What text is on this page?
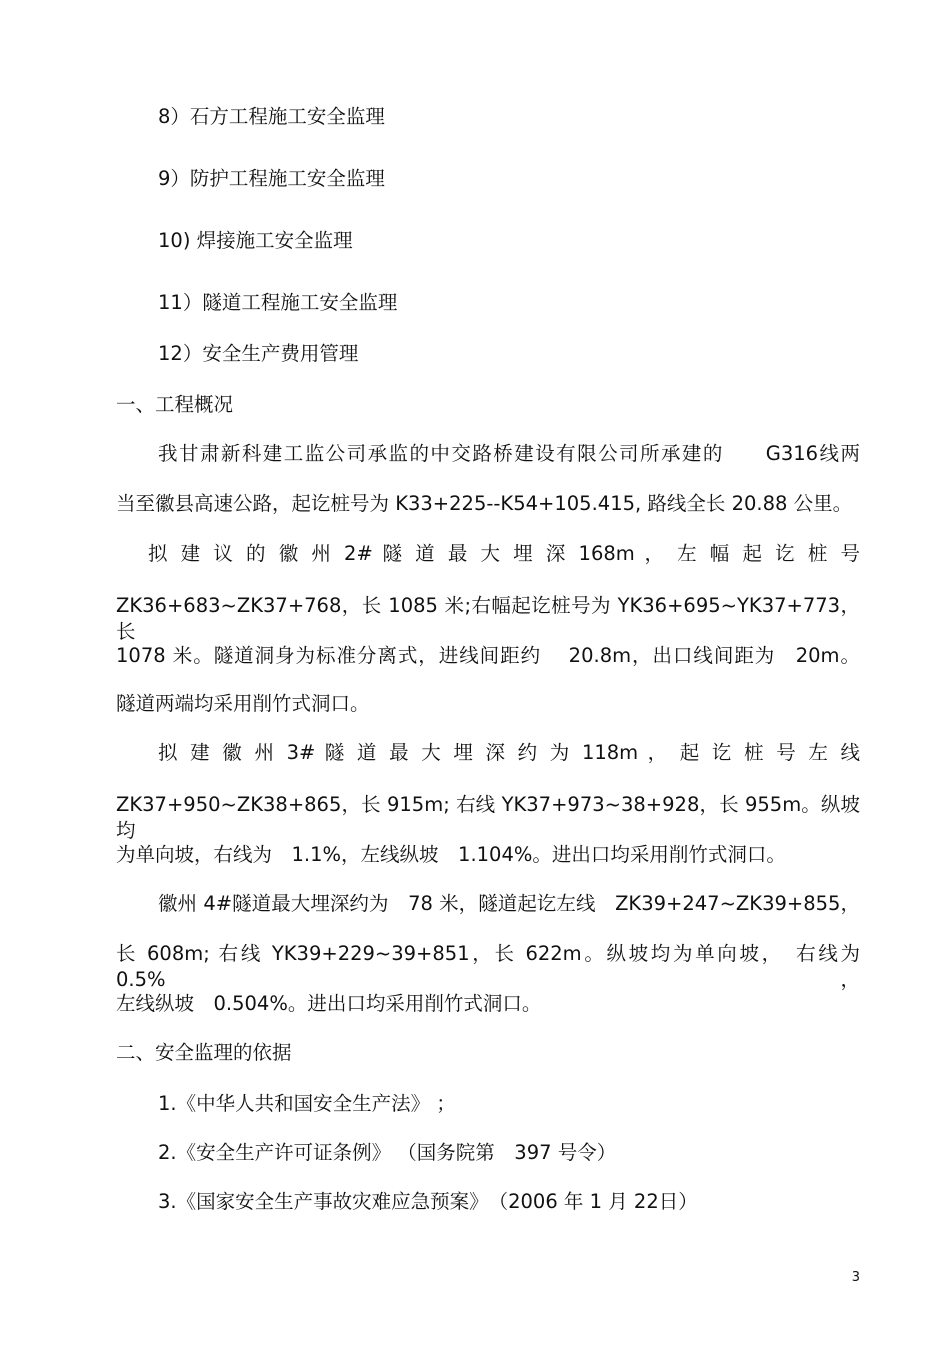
8）石方工程施工安全监理
9）防护工程施工安全监理
10) 焊接施工安全监理
11）隧道工程施工安全监理
12）安全生产费用管理
一、工程概况
我甘肃新科建工监公司承监的中交路桥建设有限公司所承建的　　G316线两
当至徽县高速公路，起讫桩号为 K33+225--K54+105.415, 路线全长 20.88 公里。
拟 建 议 的 徽 州 2# 隧 道 最 大 埋 深 168m ， 左 幅 起 讫 桩 号
ZK36+683~ZK37+768，长 1085 米;右幅起讫桩号为 YK36+695~YK37+773，长
1078 米。隧道洞身为标准分离式，进线间距约　 20.8m，出口线间距为　20m。
隧道两端均采用削竹式洞口。
拟 建 徽 州 3# 隧 道 最 大 埋 深 约 为 118m ， 起 讫 桩 号 左 线
ZK37+950~ZK38+865，长 915m; 右线 YK37+973~38+928，长 955m。纵坡均
为单向坡，右线为　1.1%，左线纵坡　1.104%。进出口均采用削竹式洞口。
徽州 4#隧道最大埋深约为　78 米，隧道起讫左线　ZK39+247~ZK39+855，
长 608m; 右线 YK39+229~39+851，长 622m。纵坡均为单向坡，　右线为　0.5%，
左线纵坡　0.504%。进出口均采用削竹式洞口。
二、安全监理的依据
1.《中华人共和国安全生产法》 ；
2.《安全生产许可证条例》 （国务院第　397 号令）
3.《国家安全生产事故灾难应急预案》　（2006 年 1 月 22日）
3
